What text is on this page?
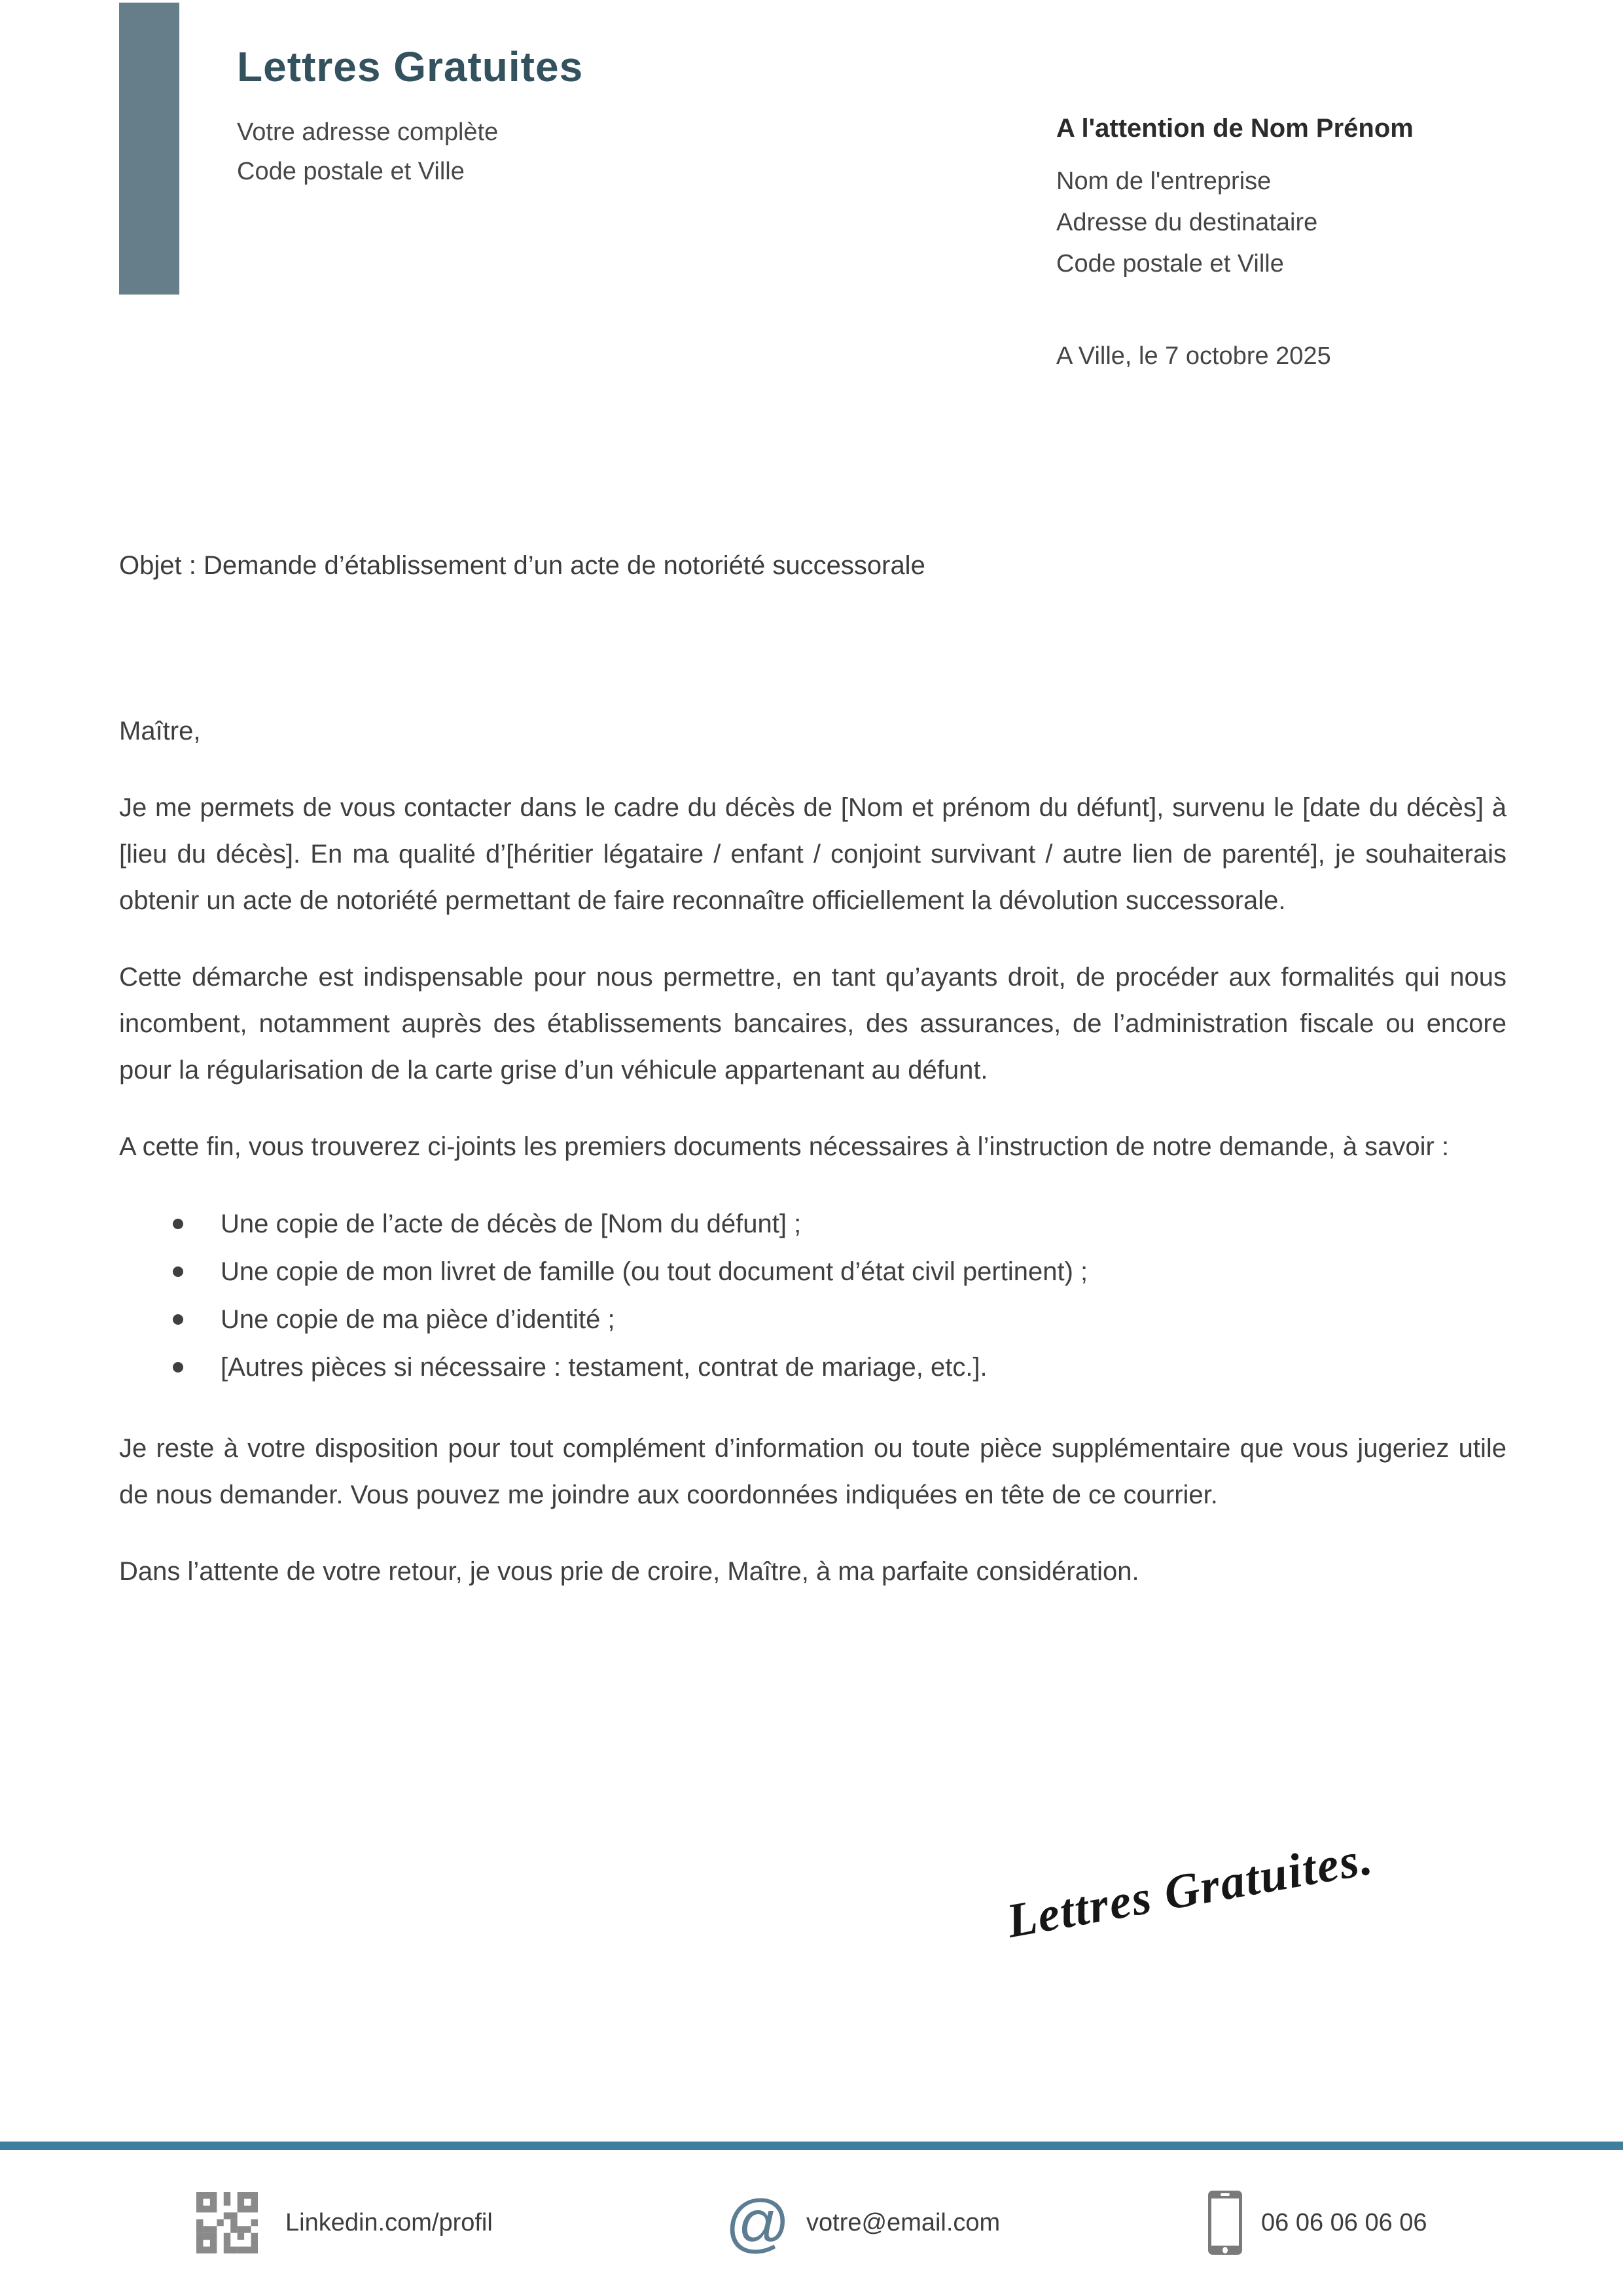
Lettres Gratuites
Votre adresse complète
Code postale et Ville
A l'attention de Nom Prénom
Nom de l'entreprise
Adresse du destinataire
Code postale et Ville
A Ville, le 7 octobre 2025
Objet : Demande d’établissement d’un acte de notoriété successorale

Maître,

Je me permets de vous contacter dans le cadre du décès de [Nom et prénom du défunt], survenu le [date du décès] à [lieu du décès]. En ma qualité d’[héritier légataire / enfant / conjoint survivant / autre lien de parenté], je souhaiterais obtenir un acte de notoriété permettant de faire reconnaître officiellement la dévolution successorale.

Cette démarche est indispensable pour nous permettre, en tant qu’ayants droit, de procéder aux formalités qui nous incombent, notamment auprès des établissements bancaires, des assurances, de l’administration fiscale ou encore pour la régularisation de la carte grise d’un véhicule appartenant au défunt.

A cette fin, vous trouverez ci-joints les premiers documents nécessaires à l’instruction de notre demande, à savoir :

Une copie de l’acte de décès de [Nom du défunt] ;
Une copie de mon livret de famille (ou tout document d’état civil pertinent) ;
Une copie de ma pièce d’identité ;
[Autres pièces si nécessaire : testament, contrat de mariage, etc.].

Je reste à votre disposition pour tout complément d’information ou toute pièce supplémentaire que vous jugeriez utile de nous demander. Vous pouvez me joindre aux coordonnées indiquées en tête de ce courrier.

Dans l’attente de votre retour, je vous prie de croire, Maître, à ma parfaite considération.

Lettres Gratuites.
Linkedin.com/profil	@ votre@email.com	06 06 06 06 06
